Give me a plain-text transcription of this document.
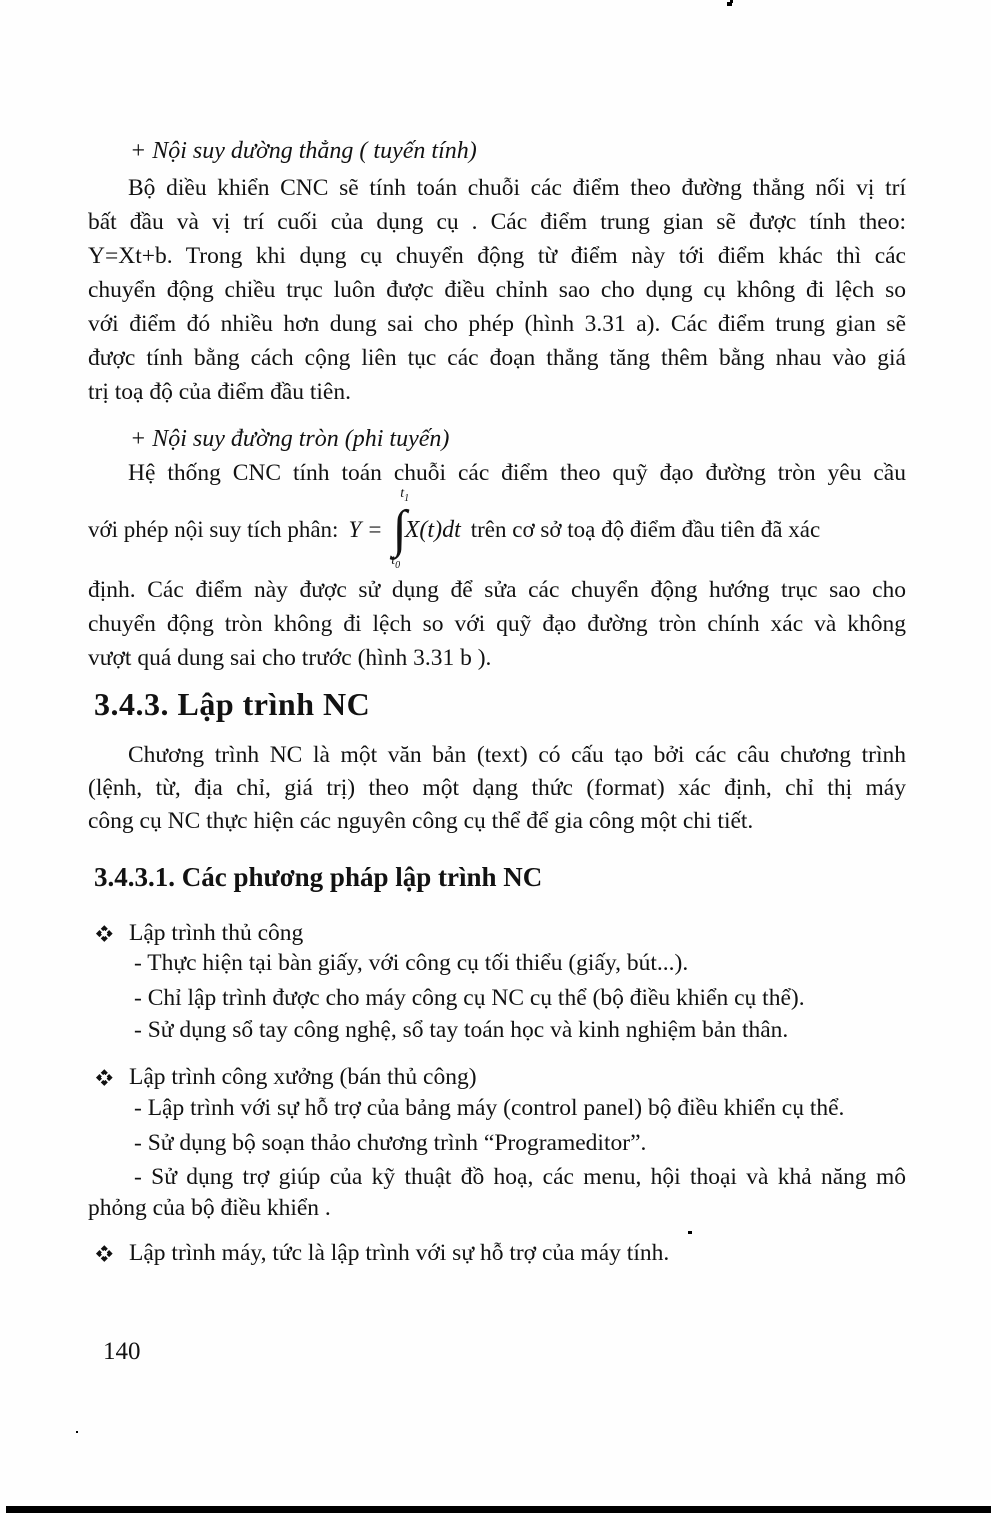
+ Nội suy dường thẳng ( tuyến tính)
Bộ diều khiển CNC sẽ tính toán chuỗi các điểm theo đường thẳng nối vị trí
bất đầu và vị trí cuối của dụng cụ . Các điểm trung gian sẽ được tính theo:
Y=Xt+b. Trong khi dụng cụ chuyển động từ điểm này tới điểm khác thì các
chuyển động chiều trục luôn được điều chỉnh sao cho dụng cụ không đi lệch so
với điểm đó nhiều hơn dung sai cho phép (hình 3.31 a). Các điểm trung gian sẽ
được tính bằng cách cộng liên tục các đoạn thẳng tăng thêm bằng nhau vào giá
trị toạ độ của điểm đầu tiên.
+ Nội suy đường tròn (phi tuyến)
Hệ thống CNC tính toán chuỗi các điểm theo quỹ đạo đường tròn yêu cầu
với phép nội suy tích phân: Y =
$t_1$
∫
$t_0$
X(t)dt trên cơ sở toạ độ điểm đầu tiên đã xác
định. Các điểm này được sử dụng để sửa các chuyển động hướng trục sao cho
chuyển động tròn không đi lệch so với quỹ đạo đường tròn chính xác và không
vượt quá dung sai cho trước (hình 3.31 b ).
3.4.3. Lập trình NC
Chương trình NC là một văn bản (text) có cấu tạo bởi các câu chương trình
(lệnh, từ, địa chỉ, giá trị) theo một dạng thức (format) xác định, chỉ thị máy
công cụ NC thực hiện các nguyên công cụ thể để gia công một chi tiết.
3.4.3.1. Các phương pháp lập trình NC
Lập trình thủ công
- Thực hiện tại bàn giấy, với công cụ tối thiểu (giấy, bút...).
- Chỉ lập trình được cho máy công cụ NC cụ thể (bộ điều khiển cụ thể).
- Sử dụng sổ tay công nghệ, sổ tay toán học và kinh nghiệm bản thân.
Lập trình công xưởng (bán thủ công)
- Lập trình với sự hỗ trợ của bảng máy (control panel) bộ điều khiển cụ thể.
- Sử dụng bộ soạn thảo chương trình “Programeditor”.
- Sử dụng trợ giúp của kỹ thuật đồ hoạ, các menu, hội thoại và khả năng mô
phỏng của bộ điều khiển .
Lập trình máy, tức là lập trình với sự hỗ trợ của máy tính.
140
